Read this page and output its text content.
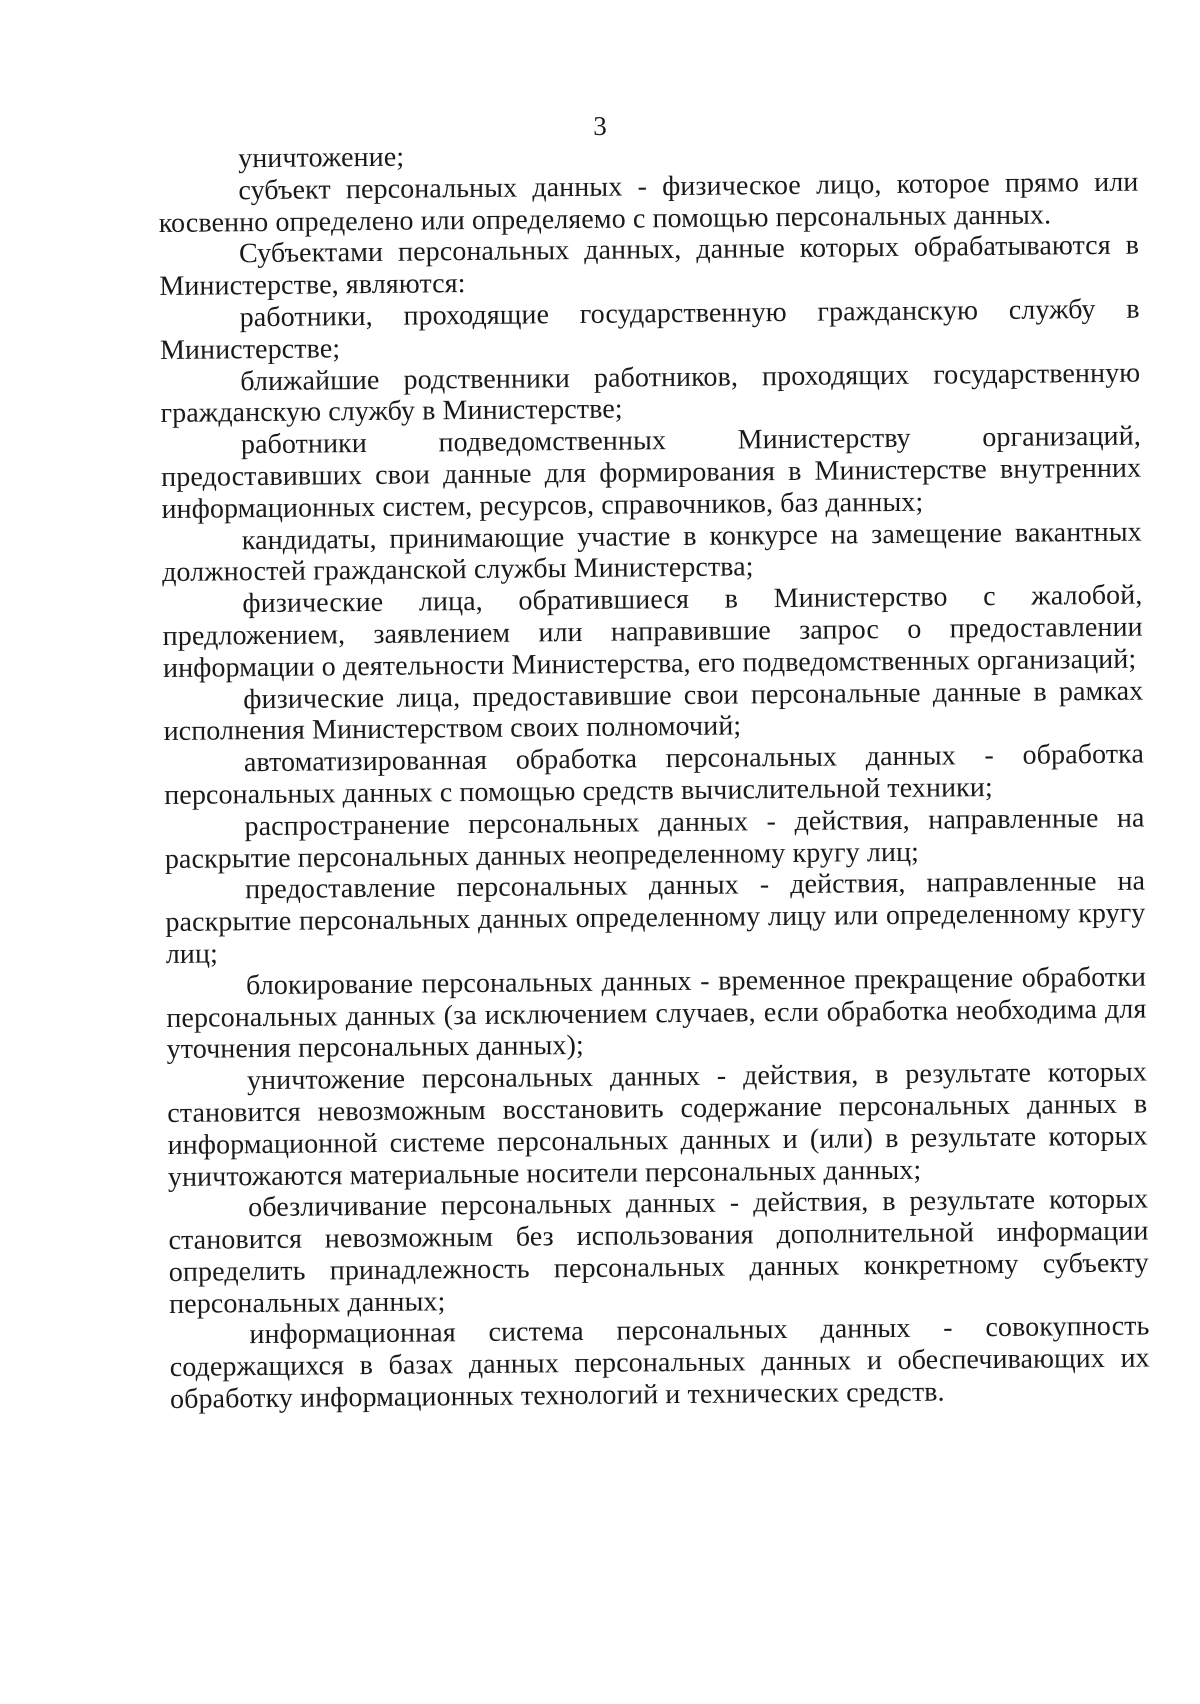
3

уничтожение;

субъект персональных данных - физическое лицо, которое прямо или косвенно определено или определяемо с помощью персональных данных.

Субъектами персональных данных, данные которых обрабатываются в Министерстве, являются:

работники, проходящие государственную гражданскую службу в Министерстве;

ближайшие родственники работников, проходящих государственную гражданскую службу в Министерстве;

работники подведомственных Министерству организаций, предоставивших свои данные для формирования в Министерстве внутренних информационных систем, ресурсов, справочников, баз данных;

кандидаты, принимающие участие в конкурсе на замещение вакантных должностей гражданской службы Министерства;

физические лица, обратившиеся в Министерство с жалобой, предложением, заявлением или направившие запрос о предоставлении информации о деятельности Министерства, его подведомственных организаций;

физические лица, предоставившие свои персональные данные в рамках исполнения Министерством своих полномочий;

автоматизированная обработка персональных данных - обработка персональных данных с помощью средств вычислительной техники;

распространение персональных данных - действия, направленные на раскрытие персональных данных неопределенному кругу лиц;

предоставление персональных данных - действия, направленные на раскрытие персональных данных определенному лицу или определенному кругу лиц;

блокирование персональных данных - временное прекращение обработки персональных данных (за исключением случаев, если обработка необходима для уточнения персональных данных);

уничтожение персональных данных - действия, в результате которых становится невозможным восстановить содержание персональных данных в информационной системе персональных данных и (или) в результате которых уничтожаются материальные носители персональных данных;

обезличивание персональных данных - действия, в результате которых становится невозможным без использования дополнительной информации определить принадлежность персональных данных конкретному субъекту персональных данных;

информационная система персональных данных - совокупность содержащихся в базах данных персональных данных и обеспечивающих их обработку информационных технологий и технических средств.
